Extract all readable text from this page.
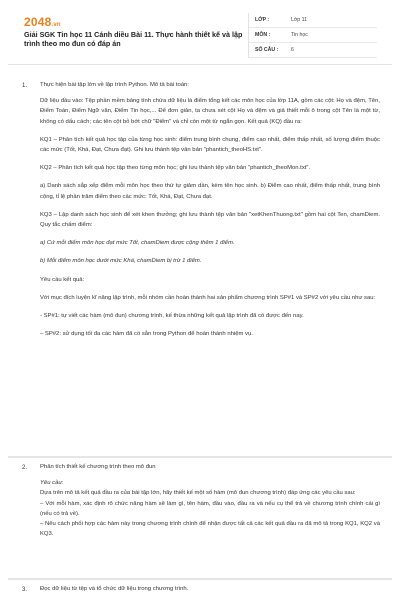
2048.vn
Giải SGK Tin học 11 Cánh diều Bài 11. Thực hành thiết kế và lập trình theo mo đun có đáp án
LỚP :	Lớp 11
MÔN :	Tin học
SỐ CÂU :	6
1. Thực hiện bài tập lớn về lập trình Python. Mô tả bài toán:

Dữ liệu đầu vào: Tệp phần mềm bảng tính chứa dữ liệu là điểm tổng kết các môn học của lớp 11A, gồm các cột: Họ và đệm, Tên, Điểm Toán, Điểm Ngữ văn, Điểm Tin học,... Để đơn giản, ta chưa xét cột Họ và đệm và giả thiết mỗi ô trong cột Tên là một từ, không có dấu cách; các tên cột bỏ bớt chữ "Điểm" và chỉ còn một từ ngắn gọn. Kết quả (KQ) đầu ra:

KQ1 – Phân tích kết quả học tập của từng học sinh: điểm trung bình chung, điểm cao nhất, điểm thấp nhất, số lượng điểm thuộc các mức (Tốt, Khá, Đạt, Chưa đạt). Ghi lưu thành tệp văn bản "phantich_theoHS.txt".

KQ2 – Phân tích kết quả học tập theo từng môn học; ghi lưu thành tệp văn bản "phantich_theoMon.txt".

a) Danh sách sắp xếp điểm mỗi môn học theo thứ tự giảm dần, kèm tên học sinh. b) Điểm cao nhất, điểm thấp nhất, trung bình cộng, tỉ lệ phần trăm điểm theo các mức: Tốt, Khá, Đạt, Chưa đạt.

KQ3 – Lập danh sách học sinh để xét khen thưởng; ghi lưu thành tệp văn bản "xetKhenThuong.txt" gồm hai cột Ten, chamDiem. Quy tắc chấm điểm:

a) Cứ mỗi điểm môn học đạt mức Tốt, chamDiem được cộng thêm 1 điểm.

b) Mỗi điểm môn học dưới mức Khá, chamDiem bị trừ 1 điểm.

Yêu cầu kết quả:

Với mục đích luyện kĩ năng lập trình, mỗi nhóm cần hoàn thành hai sản phẩm chương trình SP#1 và SP#2 với yêu cầu như sau:

- SP#1: tự viết các hàm (mô đun) chương trình, kế thừa những kết quả lập trình đã có được đến nay.

– SP#2: sử dụng tối đa các hàm đã có sẵn trong Python để hoàn thành nhiệm vụ.

2. Phân tích thiết kế chương trình theo mô đun

Yêu cầu:

Dựa trên mô tả kết quả đầu ra của bài tập lớn, hãy thiết kế một số hàm (mô đun chương trình) đáp ứng các yêu cầu sau:

– Với mỗi hàm, xác định rõ chức năng hàm sẽ làm gì, tên hàm, đầu vào, đầu ra và nếu cụ thể trả về chương trình chính cái gì (nếu có trả về).

– Nêu cách phối hợp các hàm này trong chương trình chính để nhận được tất cả các kết quả đầu ra đã mô tả trong KQ1, KQ2 và KQ3.

3. Đọc dữ liệu từ tệp và tổ chức dữ liệu trong chương trình.
